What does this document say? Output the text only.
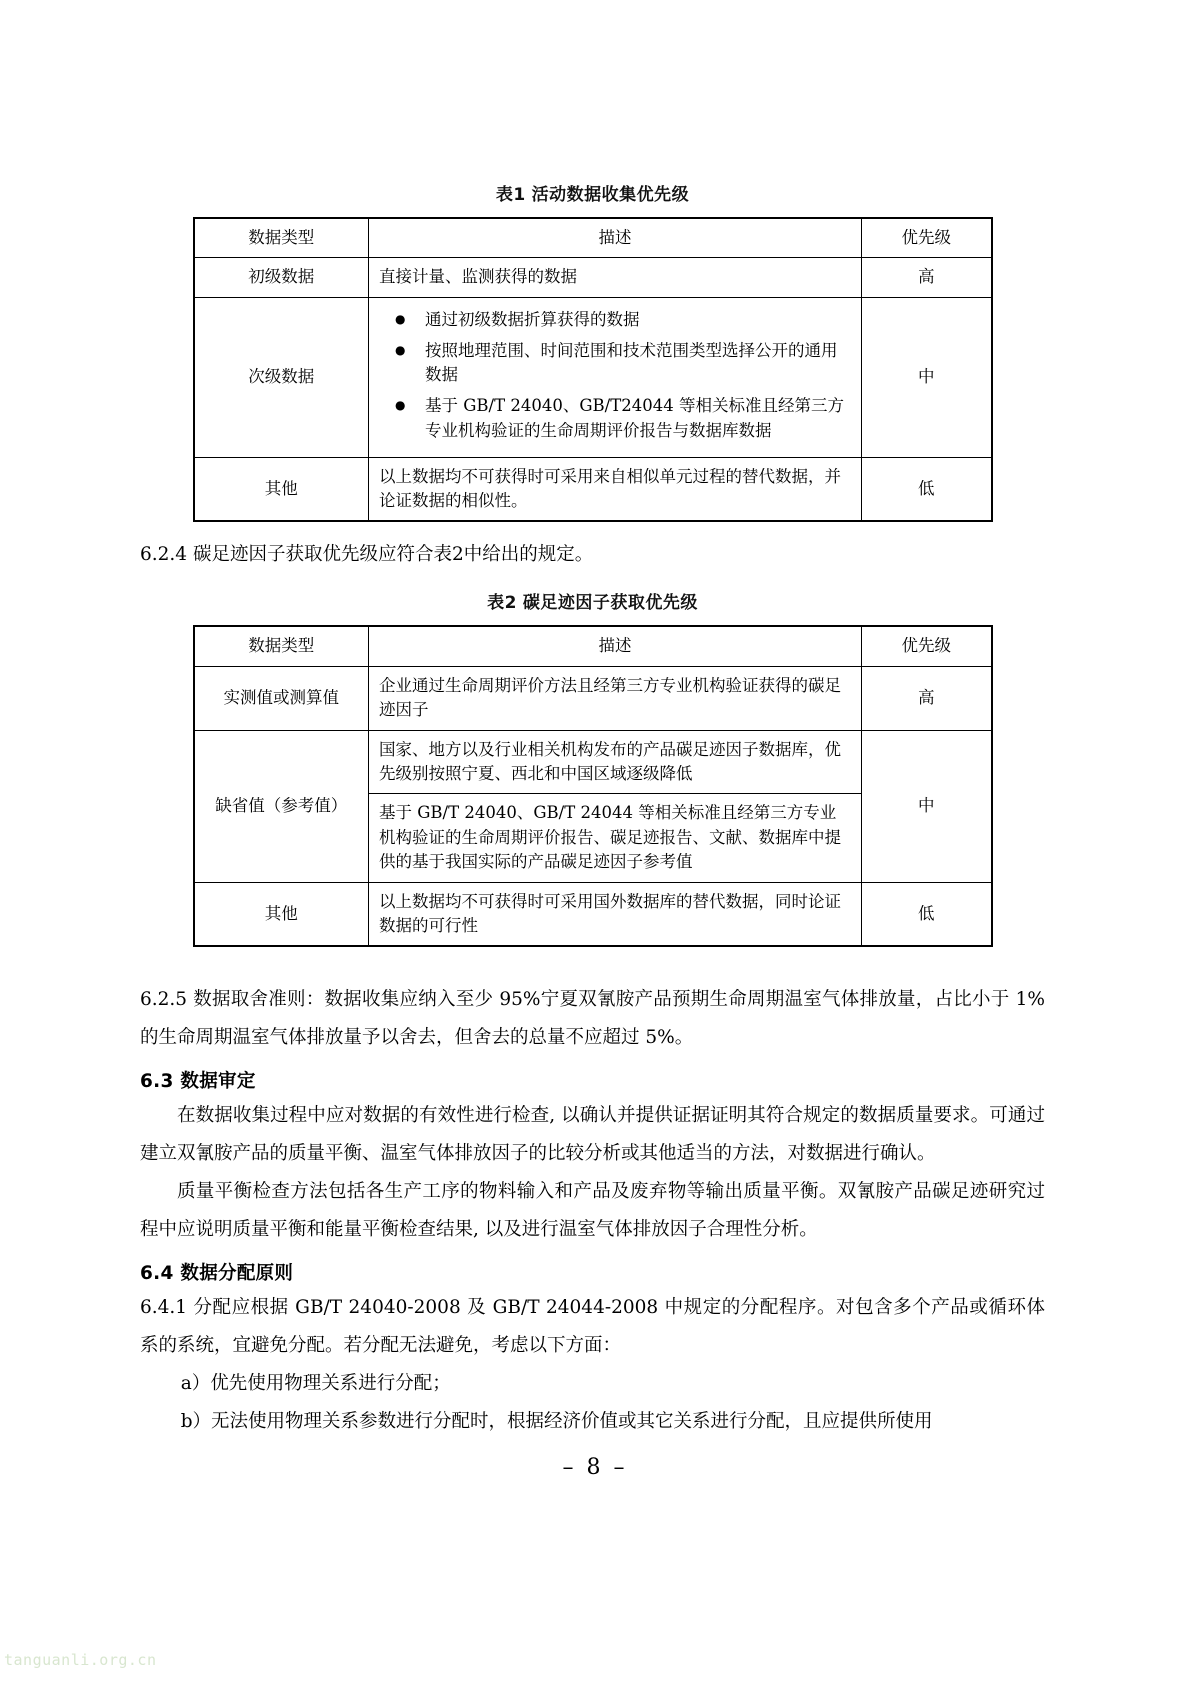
表1 活动数据收集优先级
数据类型	描述	优先级
初级数据	直接计量、监测获得的数据	高
次级数据	
● 通过初级数据折算获得的数据
● 按照地理范围、时间范围和技术范围类型选择公开的通用数据
● 基于 GB/T 24040、GB/T24044 等相关标准且经第三方专业机构验证的生命周期评价报告与数据库数据
	中
其他	以上数据均不可获得时可采用来自相似单元过程的替代数据，并论证数据的相似性。	低

6.2.4 碳足迹因子获取优先级应符合表2中给出的规定。

表2 碳足迹因子获取优先级
数据类型	描述	优先级
实测值或测算值	企业通过生命周期评价方法且经第三方专业机构验证获得的碳足迹因子	高
缺省值（参考值）	国家、地方以及行业相关机构发布的产品碳足迹因子数据库，优先级别按照宁夏、西北和中国区域逐级降低	中
	基于 GB/T 24040、GB/T 24044 等相关标准且经第三方专业机构验证的生命周期评价报告、碳足迹报告、文献、数据库中提供的基于我国实际的产品碳足迹因子参考值	
其他	以上数据均不可获得时可采用国外数据库的替代数据，同时论证数据的可行性	低

6.2.5 数据取舍准则：数据收集应纳入至少 95%宁夏双氰胺产品预期生命周期温室气体排放量，占比小于 1%的生命周期温室气体排放量予以舍去，但舍去的总量不应超过 5%。

6.3 数据审定

在数据收集过程中应对数据的有效性进行检查, 以确认并提供证据证明其符合规定的数据质量要求。可通过建立双氰胺产品的质量平衡、温室气体排放因子的比较分析或其他适当的方法，对数据进行确认。

质量平衡检查方法包括各生产工序的物料输入和产品及废弃物等输出质量平衡。双氰胺产品碳足迹研究过程中应说明质量平衡和能量平衡检查结果, 以及进行温室气体排放因子合理性分析。

6.4 数据分配原则

6.4.1 分配应根据 GB/T 24040-2008 及 GB/T 24044-2008 中规定的分配程序。对包含多个产品或循环体系的系统，宜避免分配。若分配无法避免，考虑以下方面：

a）优先使用物理关系进行分配；

b）无法使用物理关系参数进行分配时，根据经济价值或其它关系进行分配，且应提供所使用

– 8 –
tanguanli.org.cn
